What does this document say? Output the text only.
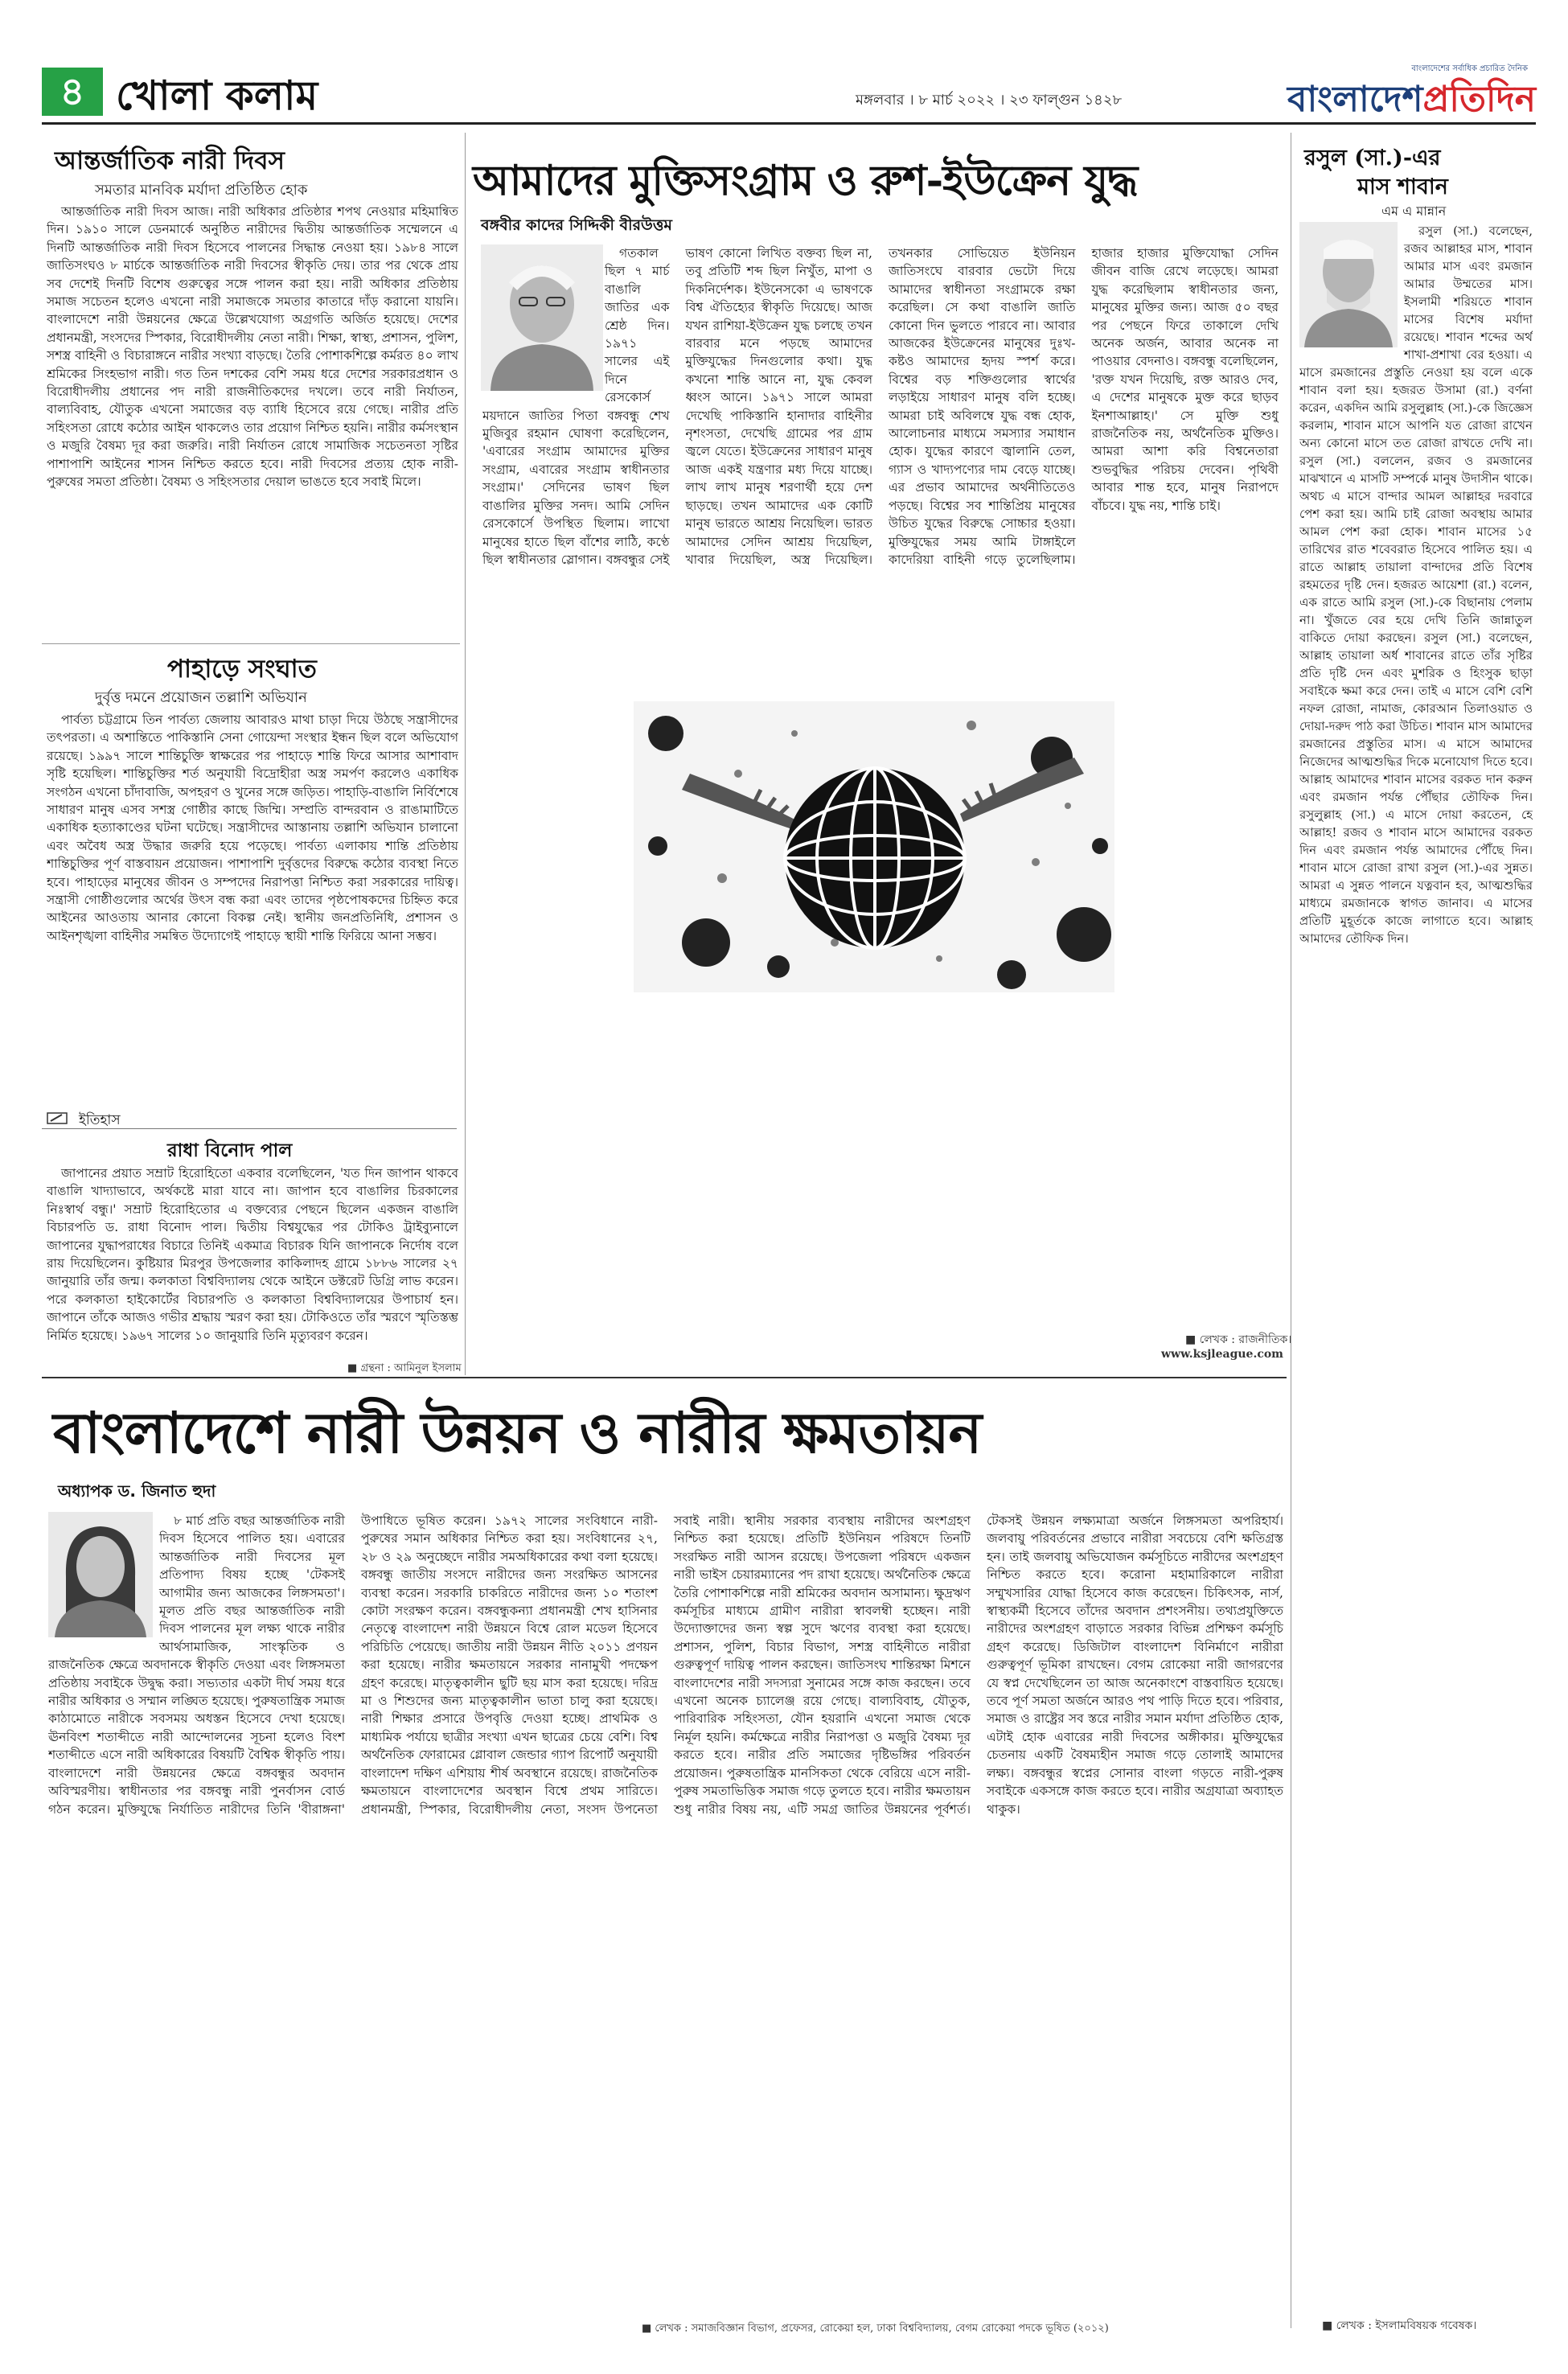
৪ খোলা কলাম	মঙ্গলবার । ৮ মার্চ ২০২২ । ২৩ ফাল্গুন ১৪২৮
বাংলাদেশের সর্বাধিক প্রচারিত দৈনিক
বাংলাদেশপ্রতিদিন
আন্তর্জাতিক নারী দিবস
সমতার মানবিক মর্যাদা প্রতিষ্ঠিত হোক

আন্তর্জাতিক নারী দিবস আজ। নারী অধিকার প্রতিষ্ঠার শপথ নেওয়ার মহিমান্বিত দিন। ১৯১০ সালে ডেনমার্কে অনুষ্ঠিত নারীদের দ্বিতীয় আন্তর্জাতিক সম্মেলনে এ দিনটি আন্তর্জাতিক নারী দিবস হিসেবে পালনের সিদ্ধান্ত নেওয়া হয়। ১৯৮৪ সালে জাতিসংঘও ৮ মার্চকে আন্তর্জাতিক নারী দিবসের স্বীকৃতি দেয়। তার পর থেকে প্রায় সব দেশেই দিনটি বিশেষ গুরুত্বের সঙ্গে পালন করা হয়। নারী অধিকার প্রতিষ্ঠায় সমাজ সচেতন হলেও এখনো নারী সমাজকে সমতার কাতারে দাঁড় করানো যায়নি। বাংলাদেশে নারী উন্নয়নের ক্ষেত্রে উল্লেখযোগ্য অগ্রগতি অর্জিত হয়েছে। দেশের প্রধানমন্ত্রী, সংসদের স্পিকার, বিরোধীদলীয় নেতা নারী। শিক্ষা, স্বাস্থ্য, প্রশাসন, পুলিশ, সশস্ত্র বাহিনী ও বিচারাঙ্গনে নারীর সংখ্যা বাড়ছে। তৈরি পোশাকশিল্পে কর্মরত ৪০ লাখ শ্রমিকের সিংহভাগ নারী। গত তিন দশকের বেশি সময় ধরে দেশের সরকারপ্রধান ও বিরোধীদলীয় প্রধানের পদ নারী রাজনীতিকদের দখলে। তবে নারী নির্যাতন, বাল্যবিবাহ, যৌতুক এখনো সমাজের বড় ব্যাধি হিসেবে রয়ে গেছে। নারীর প্রতি সহিংসতা রোধে কঠোর আইন থাকলেও তার প্রয়োগ নিশ্চিত হয়নি। নারীর কর্মসংস্থান ও মজুরি বৈষম্য দূর করা জরুরি। নারী নির্যাতন রোধে সামাজিক সচেতনতা সৃষ্টির পাশাপাশি আইনের শাসন নিশ্চিত করতে হবে। নারী দিবসের প্রত্যয় হোক নারী-পুরুষের সমতা প্রতিষ্ঠা। বৈষম্য ও সহিংসতার দেয়াল ভাঙতে হবে সবাই মিলে।

পাহাড়ে সংঘাত
দুর্বৃত্ত দমনে প্রয়োজন তল্লাশি অভিযান

পার্বত্য চট্টগ্রামে তিন পার্বত্য জেলায় আবারও মাথা চাড়া দিয়ে উঠছে সন্ত্রাসীদের তৎপরতা। এ অশান্তিতে পাকিস্তানি সেনা গোয়েন্দা সংস্থার ইন্ধন ছিল বলে অভিযোগ রয়েছে। ১৯৯৭ সালে শান্তিচুক্তি স্বাক্ষরের পর পাহাড়ে শান্তি ফিরে আসার আশাবাদ সৃষ্টি হয়েছিল। শান্তিচুক্তির শর্ত অনুযায়ী বিদ্রোহীরা অস্ত্র সমর্পণ করলেও একাধিক সংগঠন এখনো চাঁদাবাজি, অপহরণ ও খুনের সঙ্গে জড়িত। পাহাড়ি-বাঙালি নির্বিশেষে সাধারণ মানুষ এসব সশস্ত্র গোষ্ঠীর কাছে জিম্মি। সম্প্রতি বান্দরবান ও রাঙামাটিতে একাধিক হত্যাকাণ্ডের ঘটনা ঘটেছে। সন্ত্রাসীদের আস্তানায় তল্লাশি অভিযান চালানো এবং অবৈধ অস্ত্র উদ্ধার জরুরি হয়ে পড়েছে। পার্বত্য এলাকায় শান্তি প্রতিষ্ঠায় শান্তিচুক্তির পূর্ণ বাস্তবায়ন প্রয়োজন। পাশাপাশি দুর্বৃত্তদের বিরুদ্ধে কঠোর ব্যবস্থা নিতে হবে। পাহাড়ের মানুষের জীবন ও সম্পদের নিরাপত্তা নিশ্চিত করা সরকারের দায়িত্ব। সন্ত্রাসী গোষ্ঠীগুলোর অর্থের উৎস বন্ধ করা এবং তাদের পৃষ্ঠপোষকদের চিহ্নিত করে আইনের আওতায় আনার কোনো বিকল্প নেই। স্থানীয় জনপ্রতিনিধি, প্রশাসন ও আইনশৃঙ্খলা বাহিনীর সমন্বিত উদ্যোগেই পাহাড়ে স্থায়ী শান্তি ফিরিয়ে আনা সম্ভব।

ইতিহাস
রাধা বিনোদ পাল

জাপানের প্রয়াত সম্রাট হিরোহিতো একবার বলেছিলেন, 'যত দিন জাপান থাকবে বাঙালি খাদ্যাভাবে, অর্থকষ্টে মারা যাবে না। জাপান হবে বাঙালির চিরকালের নিঃস্বার্থ বন্ধু।' সম্রাট হিরোহিতোর এ বক্তব্যের পেছনে ছিলেন একজন বাঙালি বিচারপতি ড. রাধা বিনোদ পাল। দ্বিতীয় বিশ্বযুদ্ধের পর টোকিও ট্রাইব্যুনালে জাপানের যুদ্ধাপরাধের বিচারে তিনিই একমাত্র বিচারক যিনি জাপানকে নির্দোষ বলে রায় দিয়েছিলেন। কুষ্টিয়ার মিরপুর উপজেলার কাকিলাদহ গ্রামে ১৮৮৬ সালের ২৭ জানুয়ারি তাঁর জন্ম। কলকাতা বিশ্ববিদ্যালয় থেকে আইনে ডক্টরেট ডিগ্রি লাভ করেন। পরে কলকাতা হাইকোর্টের বিচারপতি ও কলকাতা বিশ্ববিদ্যালয়ের উপাচার্য হন। জাপানে তাঁকে আজও গভীর শ্রদ্ধায় স্মরণ করা হয়। টোকিওতে তাঁর স্মরণে স্মৃতিস্তম্ভ নির্মিত হয়েছে। ১৯৬৭ সালের ১০ জানুয়ারি তিনি মৃত্যুবরণ করেন।

■ গ্রন্থনা : আমিনুল ইসলাম
আমাদের মুক্তিসংগ্রাম ও রুশ-ইউক্রেন যুদ্ধ
বঙ্গবীর কাদের সিদ্দিকী বীরউত্তম

গতকাল ছিল ৭ মার্চ বাঙালি জাতির এক শ্রেষ্ঠ দিন। ১৯৭১ সালের এই দিনে রেসকোর্স ময়দানে জাতির পিতা বঙ্গবন্ধু শেখ মুজিবুর রহমান ঘোষণা করেছিলেন, 'এবারের সংগ্রাম আমাদের মুক্তির সংগ্রাম, এবারের সংগ্রাম স্বাধীনতার সংগ্রাম।' সেদিনের ভাষণ ছিল বাঙালির মুক্তির সনদ। আমি সেদিন রেসকোর্সে উপস্থিত ছিলাম। লাখো মানুষের হাতে ছিল বাঁশের লাঠি, কণ্ঠে ছিল স্বাধীনতার স্লোগান। বঙ্গবন্ধুর সেই ভাষণ কোনো লিখিত বক্তব্য ছিল না, তবু প্রতিটি শব্দ ছিল নিখুঁত, মাপা ও দিকনির্দেশক। ইউনেসকো এ ভাষণকে বিশ্ব ঐতিহ্যের স্বীকৃতি দিয়েছে। আজ যখন রাশিয়া-ইউক্রেন যুদ্ধ চলছে তখন বারবার মনে পড়ছে আমাদের মুক্তিযুদ্ধের দিনগুলোর কথা। যুদ্ধ কখনো শান্তি আনে না, যুদ্ধ কেবল ধ্বংস আনে। ১৯৭১ সালে আমরা দেখেছি পাকিস্তানি হানাদার বাহিনীর নৃশংসতা, দেখেছি গ্রামের পর গ্রাম জ্বলে যেতে। ইউক্রেনের সাধারণ মানুষ আজ একই যন্ত্রণার মধ্য দিয়ে যাচ্ছে। লাখ লাখ মানুষ শরণার্থী হয়ে দেশ ছাড়ছে। তখন আমাদের এক কোটি মানুষ ভারতে আশ্রয় নিয়েছিল। ভারত আমাদের সেদিন আশ্রয় দিয়েছিল, খাবার দিয়েছিল, অস্ত্র দিয়েছিল। তখনকার সোভিয়েত ইউনিয়ন জাতিসংঘে বারবার ভেটো দিয়ে আমাদের স্বাধীনতা সংগ্রামকে রক্ষা করেছিল। সে কথা বাঙালি জাতি কোনো দিন ভুলতে পারবে না। আবার আজকের ইউক্রেনের মানুষের দুঃখ-কষ্টও আমাদের হৃদয় স্পর্শ করে। বিশ্বের বড় শক্তিগুলোর স্বার্থের লড়াইয়ে সাধারণ মানুষ বলি হচ্ছে। আমরা চাই অবিলম্বে যুদ্ধ বন্ধ হোক, আলোচনার মাধ্যমে সমস্যার সমাধান হোক। যুদ্ধের কারণে জ্বালানি তেল, গ্যাস ও খাদ্যপণ্যের দাম বেড়ে যাচ্ছে। এর প্রভাব আমাদের অর্থনীতিতেও পড়ছে। বিশ্বের সব শান্তিপ্রিয় মানুষের উচিত যুদ্ধের বিরুদ্ধে সোচ্চার হওয়া। মুক্তিযুদ্ধের সময় আমি টাঙ্গাইলে কাদেরিয়া বাহিনী গড়ে তুলেছিলাম। হাজার হাজার মুক্তিযোদ্ধা সেদিন জীবন বাজি রেখে লড়েছে। আমরা যুদ্ধ করেছিলাম স্বাধীনতার জন্য, মানুষের মুক্তির জন্য। আজ ৫০ বছর পর পেছনে ফিরে তাকালে দেখি অনেক অর্জন, আবার অনেক না পাওয়ার বেদনাও। বঙ্গবন্ধু বলেছিলেন, 'রক্ত যখন দিয়েছি, রক্ত আরও দেব, এ দেশের মানুষকে মুক্ত করে ছাড়ব ইনশাআল্লাহ।' সে মুক্তি শুধু রাজনৈতিক নয়, অর্থনৈতিক মুক্তিও। আমরা আশা করি বিশ্বনেতারা শুভবুদ্ধির পরিচয় দেবেন। পৃথিবী আবার শান্ত হবে, মানুষ নিরাপদে বাঁচবে। যুদ্ধ নয়, শান্তি চাই।

■ লেখক : রাজনীতিক।
www.ksjleague.com
রসুল (সা.)-এর
মাস শাবান
এম এ মান্নান

রসুল (সা.) বলেছেন, রজব আল্লাহর মাস, শাবান আমার মাস এবং রমজান আমার উম্মতের মাস। ইসলামী শরিয়তে শাবান মাসের বিশেষ মর্যাদা রয়েছে। শাবান শব্দের অর্থ শাখা-প্রশাখা বের হওয়া। এ মাসে রমজানের প্রস্তুতি নেওয়া হয় বলে একে শাবান বলা হয়। হজরত উসামা (রা.) বর্ণনা করেন, একদিন আমি রসুলুল্লাহ (সা.)-কে জিজ্ঞেস করলাম, শাবান মাসে আপনি যত রোজা রাখেন অন্য কোনো মাসে তত রোজা রাখতে দেখি না। রসুল (সা.) বললেন, রজব ও রমজানের মাঝখানে এ মাসটি সম্পর্কে মানুষ উদাসীন থাকে। অথচ এ মাসে বান্দার আমল আল্লাহর দরবারে পেশ করা হয়। আমি চাই রোজা অবস্থায় আমার আমল পেশ করা হোক। শাবান মাসের ১৫ তারিখের রাত শবেবরাত হিসেবে পালিত হয়। এ রাতে আল্লাহ তায়ালা বান্দাদের প্রতি বিশেষ রহমতের দৃষ্টি দেন। হজরত আয়েশা (রা.) বলেন, এক রাতে আমি রসুল (সা.)-কে বিছানায় পেলাম না। খুঁজতে বের হয়ে দেখি তিনি জান্নাতুল বাকিতে দোয়া করছেন। রসুল (সা.) বলেছেন, আল্লাহ তায়ালা অর্ধ শাবানের রাতে তাঁর সৃষ্টির প্রতি দৃষ্টি দেন এবং মুশরিক ও হিংসুক ছাড়া সবাইকে ক্ষমা করে দেন। তাই এ মাসে বেশি বেশি নফল রোজা, নামাজ, কোরআন তিলাওয়াত ও দোয়া-দরুদ পাঠ করা উচিত। শাবান মাস আমাদের রমজানের প্রস্তুতির মাস। এ মাসে আমাদের নিজেদের আত্মশুদ্ধির দিকে মনোযোগ দিতে হবে। আল্লাহ আমাদের শাবান মাসের বরকত দান করুন এবং রমজান পর্যন্ত পৌঁছার তৌফিক দিন। রসুলুল্লাহ (সা.) এ মাসে দোয়া করতেন, হে আল্লাহ! রজব ও শাবান মাসে আমাদের বরকত দিন এবং রমজান পর্যন্ত আমাদের পৌঁছে দিন। শাবান মাসে রোজা রাখা রসুল (সা.)-এর সুন্নত। আমরা এ সুন্নত পালনে যত্নবান হব, আত্মশুদ্ধির মাধ্যমে রমজানকে স্বাগত জানাব। এ মাসের প্রতিটি মুহূর্তকে কাজে লাগাতে হবে। আল্লাহ আমাদের তৌফিক দিন।

■ লেখক : ইসলামবিষয়ক গবেষক।
বাংলাদেশে নারী উন্নয়ন ও নারীর ক্ষমতায়ন
অধ্যাপক ড. জিনাত হুদা

৮ মার্চ প্রতি বছর আন্তর্জাতিক নারী দিবস হিসেবে পালিত হয়। এবারের আন্তর্জাতিক নারী দিবসের মূল প্রতিপাদ্য বিষয় হচ্ছে 'টেকসই আগামীর জন্য আজকের লিঙ্গসমতা'। মূলত প্রতি বছর আন্তর্জাতিক নারী দিবস পালনের মূল লক্ষ্য থাকে নারীর আর্থসামাজিক, সাংস্কৃতিক ও রাজনৈতিক ক্ষেত্রে অবদানকে স্বীকৃতি দেওয়া এবং লিঙ্গসমতা প্রতিষ্ঠায় সবাইকে উদ্বুদ্ধ করা। সভ্যতার একটা দীর্ঘ সময় ধরে নারীর অধিকার ও সম্মান লঙ্ঘিত হয়েছে। পুরুষতান্ত্রিক সমাজ কাঠামোতে নারীকে সবসময় অধস্তন হিসেবে দেখা হয়েছে। ঊনবিংশ শতাব্দীতে নারী আন্দোলনের সূচনা হলেও বিংশ শতাব্দীতে এসে নারী অধিকারের বিষয়টি বৈশ্বিক স্বীকৃতি পায়। বাংলাদেশে নারী উন্নয়নের ক্ষেত্রে বঙ্গবন্ধুর অবদান অবিস্মরণীয়। স্বাধীনতার পর বঙ্গবন্ধু নারী পুনর্বাসন বোর্ড গঠন করেন। মুক্তিযুদ্ধে নির্যাতিত নারীদের তিনি 'বীরাঙ্গনা' উপাধিতে ভূষিত করেন। ১৯৭২ সালের সংবিধানে নারী-পুরুষের সমান অধিকার নিশ্চিত করা হয়। সংবিধানের ২৭, ২৮ ও ২৯ অনুচ্ছেদে নারীর সমঅধিকারের কথা বলা হয়েছে। বঙ্গবন্ধু জাতীয় সংসদে নারীদের জন্য সংরক্ষিত আসনের ব্যবস্থা করেন। সরকারি চাকরিতে নারীদের জন্য ১০ শতাংশ কোটা সংরক্ষণ করেন। বঙ্গবন্ধুকন্যা প্রধানমন্ত্রী শেখ হাসিনার নেতৃত্বে বাংলাদেশ নারী উন্নয়নে বিশ্বে রোল মডেল হিসেবে পরিচিতি পেয়েছে। জাতীয় নারী উন্নয়ন নীতি ২০১১ প্রণয়ন করা হয়েছে। নারীর ক্ষমতায়নে সরকার নানামুখী পদক্ষেপ গ্রহণ করেছে। মাতৃত্বকালীন ছুটি ছয় মাস করা হয়েছে। দরিদ্র মা ও শিশুদের জন্য মাতৃত্বকালীন ভাতা চালু করা হয়েছে। নারী শিক্ষার প্রসারে উপবৃত্তি দেওয়া হচ্ছে। প্রাথমিক ও মাধ্যমিক পর্যায়ে ছাত্রীর সংখ্যা এখন ছাত্রের চেয়ে বেশি। বিশ্ব অর্থনৈতিক ফোরামের গ্লোবাল জেন্ডার গ্যাপ রিপোর্ট অনুযায়ী বাংলাদেশ দক্ষিণ এশিয়ায় শীর্ষ অবস্থানে রয়েছে। রাজনৈতিক ক্ষমতায়নে বাংলাদেশের অবস্থান বিশ্বে প্রথম সারিতে। প্রধানমন্ত্রী, স্পিকার, বিরোধীদলীয় নেতা, সংসদ উপনেতা সবাই নারী। স্থানীয় সরকার ব্যবস্থায় নারীদের অংশগ্রহণ নিশ্চিত করা হয়েছে। প্রতিটি ইউনিয়ন পরিষদে তিনটি সংরক্ষিত নারী আসন রয়েছে। উপজেলা পরিষদে একজন নারী ভাইস চেয়ারম্যানের পদ রাখা হয়েছে। অর্থনৈতিক ক্ষেত্রে তৈরি পোশাকশিল্পে নারী শ্রমিকের অবদান অসামান্য। ক্ষুদ্রঋণ কর্মসূচির মাধ্যমে গ্রামীণ নারীরা স্বাবলম্বী হচ্ছেন। নারী উদ্যোক্তাদের জন্য স্বল্প সুদে ঋণের ব্যবস্থা করা হয়েছে। প্রশাসন, পুলিশ, বিচার বিভাগ, সশস্ত্র বাহিনীতে নারীরা গুরুত্বপূর্ণ দায়িত্ব পালন করছেন। জাতিসংঘ শান্তিরক্ষা মিশনে বাংলাদেশের নারী সদস্যরা সুনামের সঙ্গে কাজ করছেন। তবে এখনো অনেক চ্যালেঞ্জ রয়ে গেছে। বাল্যবিবাহ, যৌতুক, পারিবারিক সহিংসতা, যৌন হয়রানি এখনো সমাজ থেকে নির্মূল হয়নি। কর্মক্ষেত্রে নারীর নিরাপত্তা ও মজুরি বৈষম্য দূর করতে হবে। নারীর প্রতি সমাজের দৃষ্টিভঙ্গির পরিবর্তন প্রয়োজন। পুরুষতান্ত্রিক মানসিকতা থেকে বেরিয়ে এসে নারী-পুরুষ সমতাভিত্তিক সমাজ গড়ে তুলতে হবে। নারীর ক্ষমতায়ন শুধু নারীর বিষয় নয়, এটি সমগ্র জাতির উন্নয়নের পূর্বশর্ত। টেকসই উন্নয়ন লক্ষ্যমাত্রা অর্জনে লিঙ্গসমতা অপরিহার্য। জলবায়ু পরিবর্তনের প্রভাবে নারীরা সবচেয়ে বেশি ক্ষতিগ্রস্ত হন। তাই জলবায়ু অভিযোজন কর্মসূচিতে নারীদের অংশগ্রহণ নিশ্চিত করতে হবে। করোনা মহামারিকালে নারীরা সম্মুখসারির যোদ্ধা হিসেবে কাজ করেছেন। চিকিৎসক, নার্স, স্বাস্থ্যকর্মী হিসেবে তাঁদের অবদান প্রশংসনীয়। তথ্যপ্রযুক্তিতে নারীদের অংশগ্রহণ বাড়াতে সরকার বিভিন্ন প্রশিক্ষণ কর্মসূচি গ্রহণ করেছে। ডিজিটাল বাংলাদেশ বিনির্মাণে নারীরা গুরুত্বপূর্ণ ভূমিকা রাখছেন। বেগম রোকেয়া নারী জাগরণের যে স্বপ্ন দেখেছিলেন তা আজ অনেকাংশে বাস্তবায়িত হয়েছে। তবে পূর্ণ সমতা অর্জনে আরও পথ পাড়ি দিতে হবে। পরিবার, সমাজ ও রাষ্ট্রের সব স্তরে নারীর সমান মর্যাদা প্রতিষ্ঠিত হোক, এটাই হোক এবারের নারী দিবসের অঙ্গীকার। মুক্তিযুদ্ধের চেতনায় একটি বৈষম্যহীন সমাজ গড়ে তোলাই আমাদের লক্ষ্য। বঙ্গবন্ধুর স্বপ্নের সোনার বাংলা গড়তে নারী-পুরুষ সবাইকে একসঙ্গে কাজ করতে হবে। নারীর অগ্রযাত্রা অব্যাহত থাকুক।

■ লেখক : সমাজবিজ্ঞান বিভাগ, প্রফেসর, রোকেয়া হল, ঢাকা বিশ্ববিদ্যালয়, বেগম রোকেয়া পদকে ভূষিত (২০১২)
